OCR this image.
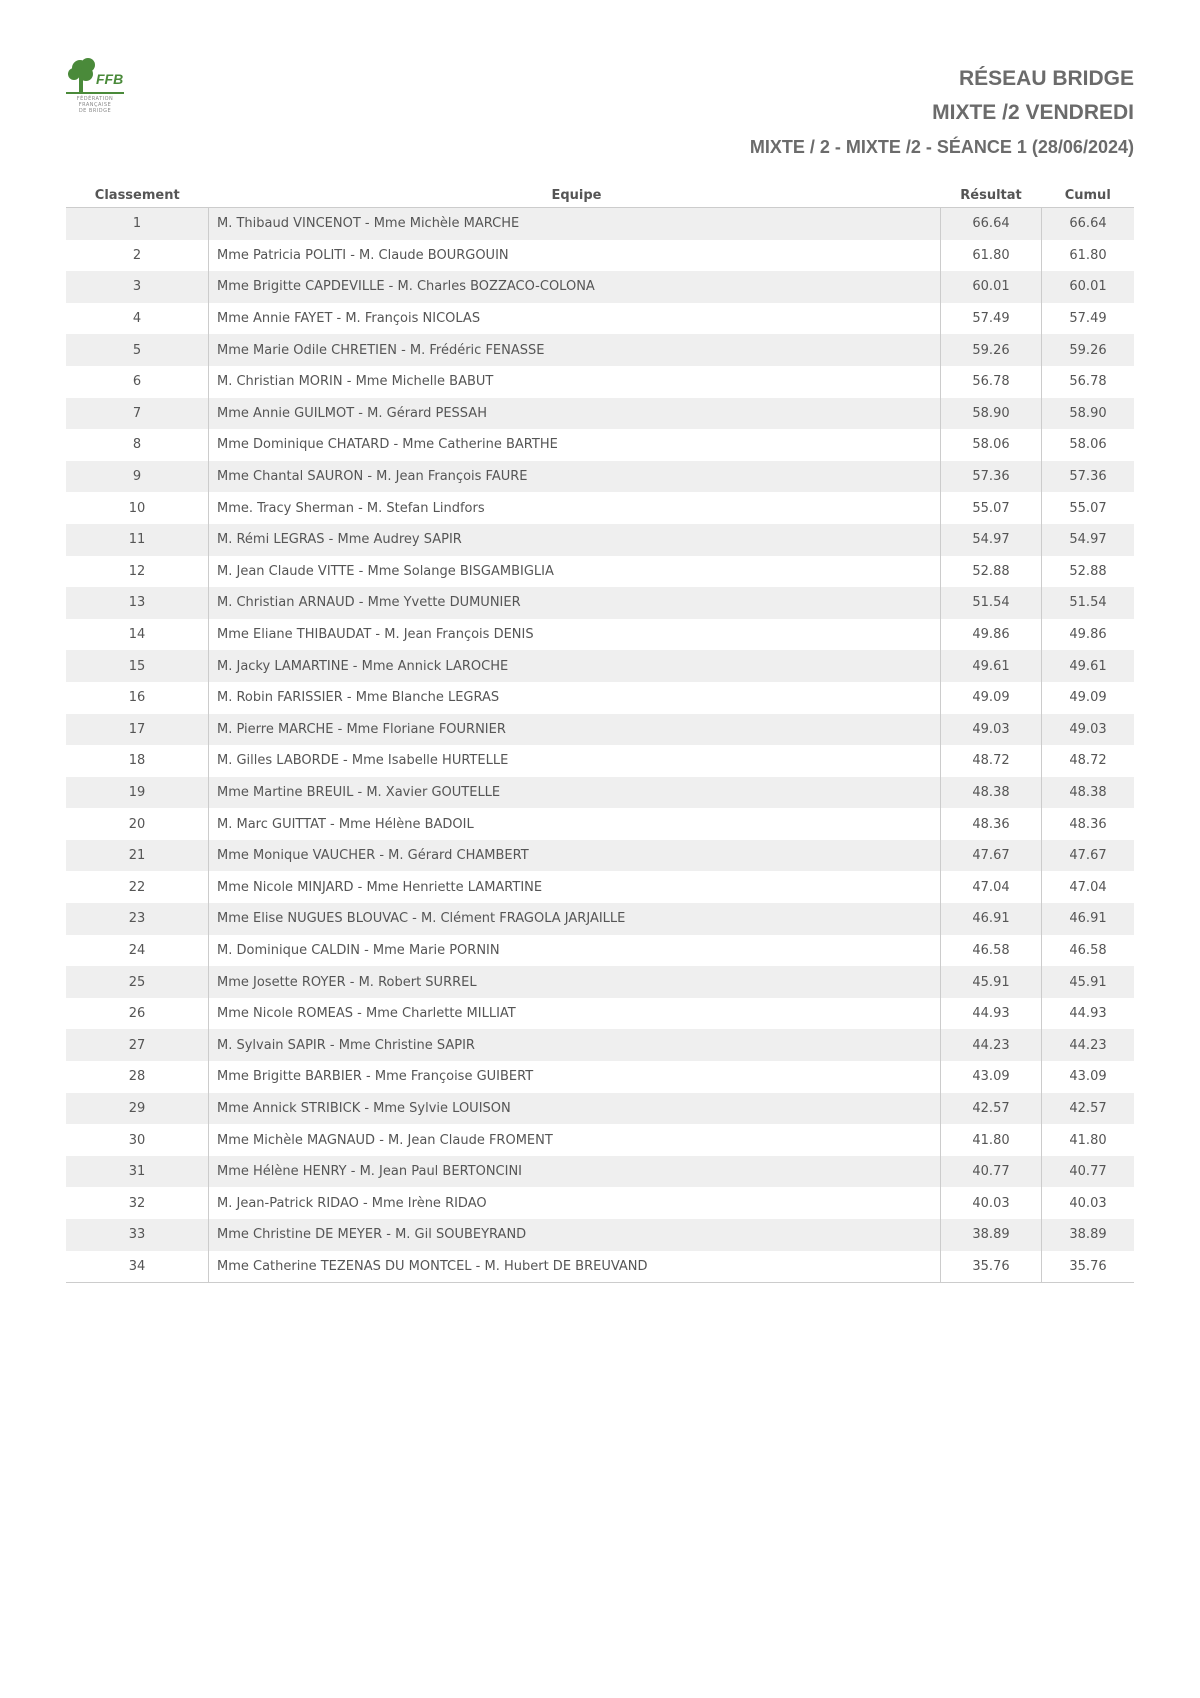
FFB
FÉDÉRATION
FRANÇAISE
DE BRIDGE
RÉSEAU BRIDGE
MIXTE /2 VENDREDI
MIXTE / 2 - MIXTE /2 - SÉANCE 1 (28/06/2024)
Classement	Equipe	Résultat	Cumul
1	M. Thibaud VINCENOT - Mme Michèle MARCHE	66.64	66.64
2	Mme Patricia POLITI - M. Claude BOURGOUIN	61.80	61.80
3	Mme Brigitte CAPDEVILLE - M. Charles BOZZACO-COLONA	60.01	60.01
4	Mme Annie FAYET - M. François NICOLAS	57.49	57.49
5	Mme Marie Odile CHRETIEN - M. Frédéric FENASSE	59.26	59.26
6	M. Christian MORIN - Mme Michelle BABUT	56.78	56.78
7	Mme Annie GUILMOT - M. Gérard PESSAH	58.90	58.90
8	Mme Dominique CHATARD - Mme Catherine BARTHE	58.06	58.06
9	Mme Chantal SAURON - M. Jean François FAURE	57.36	57.36
10	Mme. Tracy Sherman - M. Stefan Lindfors	55.07	55.07
11	M. Rémi LEGRAS - Mme Audrey SAPIR	54.97	54.97
12	M. Jean Claude VITTE - Mme Solange BISGAMBIGLIA	52.88	52.88
13	M. Christian ARNAUD - Mme Yvette DUMUNIER	51.54	51.54
14	Mme Eliane THIBAUDAT - M. Jean François DENIS	49.86	49.86
15	M. Jacky LAMARTINE - Mme Annick LAROCHE	49.61	49.61
16	M. Robin FARISSIER - Mme Blanche LEGRAS	49.09	49.09
17	M. Pierre MARCHE - Mme Floriane FOURNIER	49.03	49.03
18	M. Gilles LABORDE - Mme Isabelle HURTELLE	48.72	48.72
19	Mme Martine BREUIL - M. Xavier GOUTELLE	48.38	48.38
20	M. Marc GUITTAT - Mme Hélène BADOIL	48.36	48.36
21	Mme Monique VAUCHER - M. Gérard CHAMBERT	47.67	47.67
22	Mme Nicole MINJARD - Mme Henriette LAMARTINE	47.04	47.04
23	Mme Elise NUGUES BLOUVAC - M. Clément FRAGOLA JARJAILLE	46.91	46.91
24	M. Dominique CALDIN - Mme Marie PORNIN	46.58	46.58
25	Mme Josette ROYER - M. Robert SURREL	45.91	45.91
26	Mme Nicole ROMEAS - Mme Charlette MILLIAT	44.93	44.93
27	M. Sylvain SAPIR - Mme Christine SAPIR	44.23	44.23
28	Mme Brigitte BARBIER - Mme Françoise GUIBERT	43.09	43.09
29	Mme Annick STRIBICK - Mme Sylvie LOUISON	42.57	42.57
30	Mme Michèle MAGNAUD - M. Jean Claude FROMENT	41.80	41.80
31	Mme Hélène HENRY - M. Jean Paul BERTONCINI	40.77	40.77
32	M. Jean-Patrick RIDAO - Mme Irène RIDAO	40.03	40.03
33	Mme Christine DE MEYER - M. Gil SOUBEYRAND	38.89	38.89
34	Mme Catherine TEZENAS DU MONTCEL - M. Hubert DE BREUVAND	35.76	35.76
